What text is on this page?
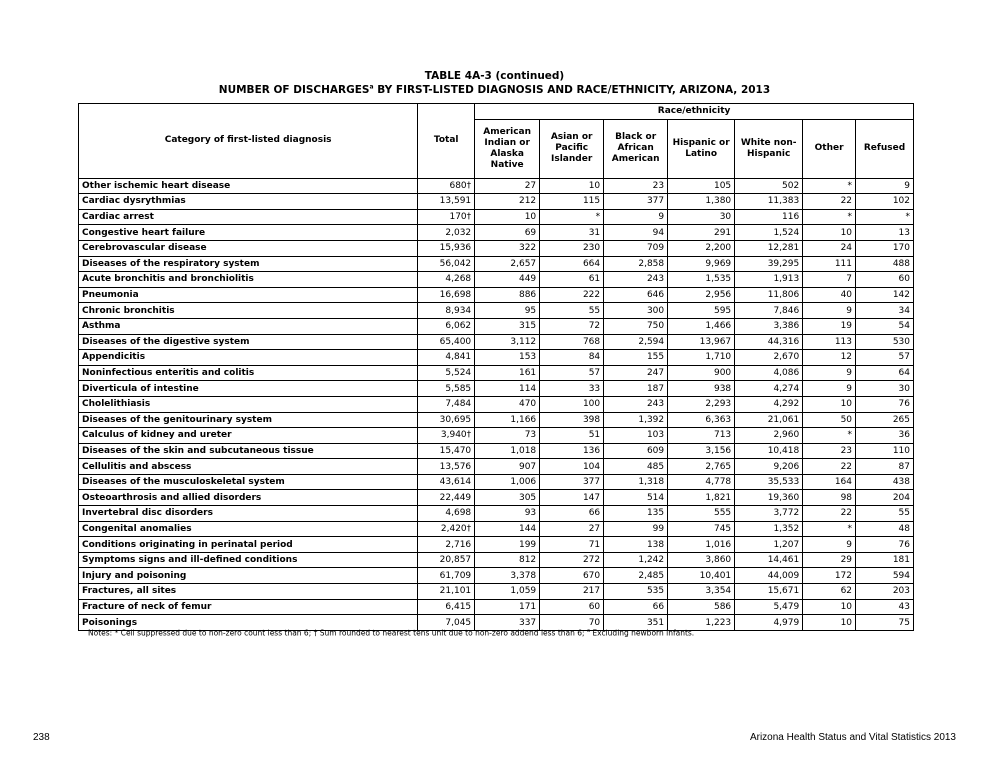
TABLE 4A-3 (continued)
NUMBER OF DISCHARGES$^a$ BY FIRST-LISTED DIAGNOSIS AND RACE/ETHNICITY, ARIZONA, 2013
Category of first-listed diagnosis	Total	Race/ethnicity						
		American Indian or Alaska Native	Asian or Pacific Islander	Black or African American	Hispanic or Latino	White non-Hispanic	Other	Refused
Other ischemic heart disease	680†	27	10	23	105	502	*	9
Cardiac dysrythmias	13,591	212	115	377	1,380	11,383	22	102
Cardiac arrest	170†	10	*	9	30	116	*	*
Congestive heart failure	2,032	69	31	94	291	1,524	10	13
Cerebrovascular disease	15,936	322	230	709	2,200	12,281	24	170
Diseases of the respiratory system	56,042	2,657	664	2,858	9,969	39,295	111	488
Acute bronchitis and bronchiolitis	4,268	449	61	243	1,535	1,913	7	60
Pneumonia	16,698	886	222	646	2,956	11,806	40	142
Chronic bronchitis	8,934	95	55	300	595	7,846	9	34
Asthma	6,062	315	72	750	1,466	3,386	19	54
Diseases of the digestive system	65,400	3,112	768	2,594	13,967	44,316	113	530
Appendicitis	4,841	153	84	155	1,710	2,670	12	57
Noninfectious enteritis and colitis	5,524	161	57	247	900	4,086	9	64
Diverticula of intestine	5,585	114	33	187	938	4,274	9	30
Cholelithiasis	7,484	470	100	243	2,293	4,292	10	76
Diseases of the genitourinary system	30,695	1,166	398	1,392	6,363	21,061	50	265
Calculus of kidney and ureter	3,940†	73	51	103	713	2,960	*	36
Diseases of the skin and subcutaneous tissue	15,470	1,018	136	609	3,156	10,418	23	110
Cellulitis and abscess	13,576	907	104	485	2,765	9,206	22	87
Diseases of the musculoskeletal system	43,614	1,006	377	1,318	4,778	35,533	164	438
Osteoarthrosis and allied disorders	22,449	305	147	514	1,821	19,360	98	204
Invertebral disc disorders	4,698	93	66	135	555	3,772	22	55
Congenital anomalies	2,420†	144	27	99	745	1,352	*	48
Conditions originating in perinatal period	2,716	199	71	138	1,016	1,207	9	76
Symptoms signs and ill-defined conditions	20,857	812	272	1,242	3,860	14,461	29	181
Injury and poisoning	61,709	3,378	670	2,485	10,401	44,009	172	594
Fractures, all sites	21,101	1,059	217	535	3,354	15,671	62	203
Fracture of neck of femur	6,415	171	60	66	586	5,479	10	43
Poisonings	7,045	337	70	351	1,223	4,979	10	75
Notes: * Cell suppressed due to non-zero count less than 6; † Sum rounded to nearest tens unit due to non-zero addend less than 6; $^a$ Excluding newborn infants.
238	Arizona Health Status and Vital Statistics 2013
